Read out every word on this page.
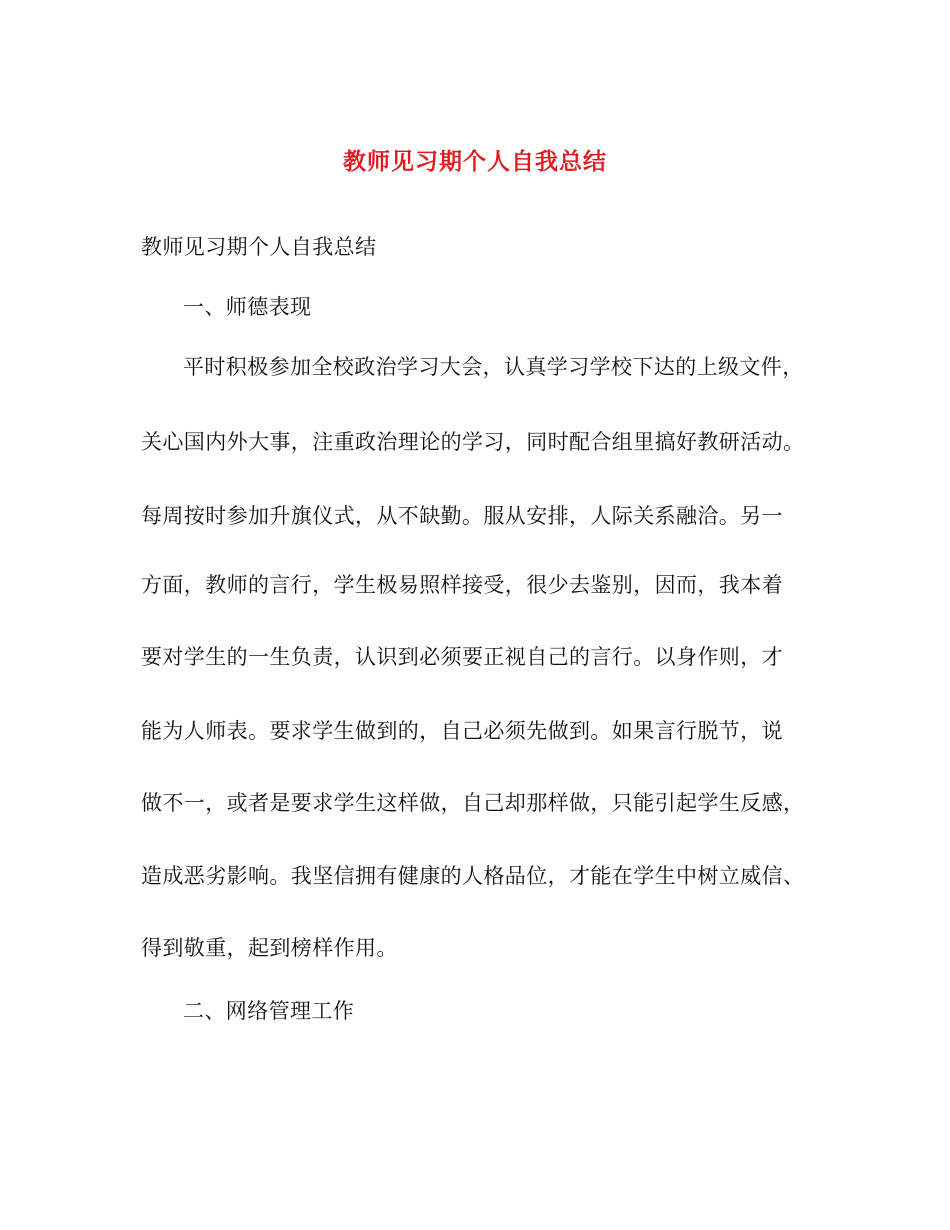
教师见习期个人自我总结
教师见习期个人自我总结
一、师德表现
平时积极参加全校政治学习大会，认真学习学校下达的上级文件，
关心国内外大事，注重政治理论的学习，同时配合组里搞好教研活动。
每周按时参加升旗仪式，从不缺勤。服从安排，人际关系融洽。另一
方面，教师的言行，学生极易照样接受，很少去鉴别，因而，我本着
要对学生的一生负责，认识到必须要正视自己的言行。以身作则，才
能为人师表。要求学生做到的，自己必须先做到。如果言行脱节，说
做不一，或者是要求学生这样做，自己却那样做，只能引起学生反感，
造成恶劣影响。我坚信拥有健康的人格品位，才能在学生中树立威信、
得到敬重，起到榜样作用。
二、网络管理工作
